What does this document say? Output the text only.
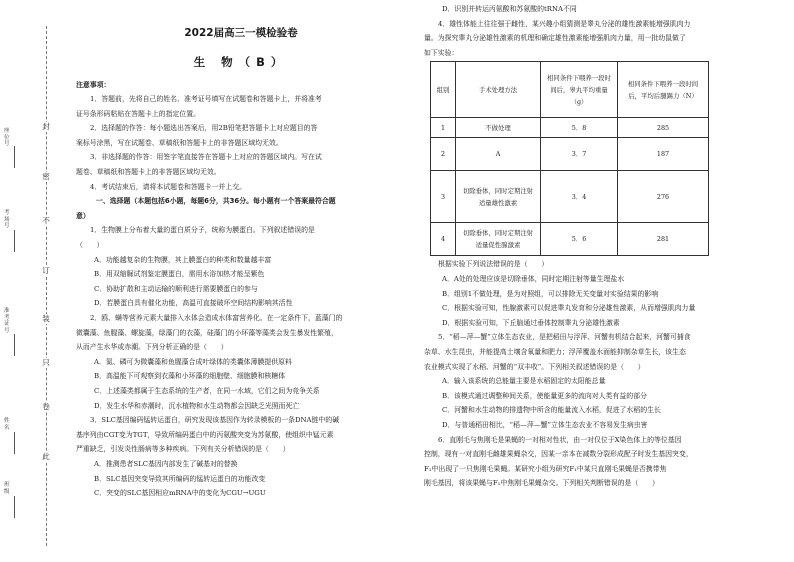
封
密
不
订
装
只
卷
此
座位号
考场号
准考证号
姓名
班级

2022届高三一模检验卷

生 物（B）

注意事项：

1．答题前，先将自己的姓名、准考证号填写在试题卷和答题卡上，并将准考

证号条形码粘贴在答题卡上的指定位置。

2．选择题的作答：每小题选出答案后，用2B铅笔把答题卡上对应题目的答

案标号涂黑，写在试题卷、草稿纸和答题卡上的非答题区域均无效。

3．非选择题的作答：用签字笔直接答在答题卡上对应的答题区域内。写在试

题卷、草稿纸和答题卡上的非答题区域均无效。

4．考试结束后，请将本试题卷和答题卡一并上交。

一、选择题（本题包括6小题，每题6分，共36分。每小题有一个答案最符合题

意）

1．生物膜上分布着大量的蛋白质分子，统称为膜蛋白。下列叙述错误的是

（　　）

A．功能越复杂的生物膜，其上膜蛋白的种类和数量越丰富

B．用双缩脲试剂鉴定膜蛋白，需用水浴加热才能呈紫色

C．协助扩散和主动运输的顺利进行需要膜蛋白的参与

D．若膜蛋白具有催化功能，高温可直接破坏空间结构影响其活性

2．鸥、螨等营养元素大量排入水体会造成水体富营养化。在一定条件下，蓝藻门的

微囊藻、鱼腥藻、螺旋藻，绿藻门的衣藻，硅藻门的小环藻等藻类会发生暴发性繁殖，

从而产生水华或赤潮。下列分析正确的是（　　）

A．氮、磷可为微囊藻和鱼腥藻合成叶绿体的类囊体薄膜提供原料

B．高温能下可观察到衣藻和小环藻的细胞壁、细胞膜和核糖体

C．上述藻类都属于生态系统的生产者，在同一水域，它们之间为竞争关系

D．发生水华和赤潮时，沉水植物和水生动物都会因缺乏光照而死亡

3．SLC基因编码锰转运蛋白，研究发现该基因作为转录模板的一条DNA链中的碱

基序列由CGT变为TGT，导致所编码蛋白中的丙氨酸突变为苏氨酸，使组织中锰元素

严重缺乏，引发炎性肠病等多种疾病。下列有关分析错误的是（　　）

A．推测患者SLC基因内部发生了碱基对的替换

B．SLC基因突变导致其所编码的锰转运蛋白的功能改变

C．突变的SLC基因相应mRNA中的变化为CGU→UGU

D．识别并转运丙氨酸和苏氨酸的tRNA不同

4．雄性体能上往往强于雌性，某兴趣小组猜测是睾丸分泌的雄性激素能增强肌肉力

量。为探究睾丸分泌雄性激素的机理和确定雄性激素能增强肌肉力量，用一批幼鼠做了

如下实验：

组别	手术处理方法	相同条件下喂养一段时间后，睾丸平均重量（g）	相同条件下喂养一段时间后，平均后腿踢力（N）
1	不做处理	5．8	285
2	A	3．7	187
3	切除垂体，同时定期注射适量雄性激素	3．4	276
4	切除垂体，同时定期注射适量促性腺激素	5．6	281

根据实验下列说法错误的是（　　）

A．A处的处理应该是切除垂体，同时定期注射等量生理盐水

B．组别1不做处理，是为对照组，可以排除无关变量对实验结果的影响

C．根据实验可知，性腺激素可以促进睾丸发育和分泌雄性激素，从而增强肌肉力量

D．根据实验可知，下丘脑通过垂体控制睾丸分泌雄性激素

5．“稻—萍—蟹”立体生态农业，是把稻田与浮萍、河蟹有机结合起来，河蟹可捕食

杂草、水生昆虫，并能提高土壤含氧量和肥力；浮萍覆盖水面能抑制杂草生长，该生态

农业模式实现了水稻、河蟹的“双丰收”。下列相关叙述错误的是（　　）

A．输入该系统的总能量主要是水稻固定的太阳能总量

B．该模式通过调整种间关系，使能量更多的流向对人类有益的部分

C．河蟹和水生动物的排遗物中所含的能量流入水稻，促进了水稻的生长

D．与普通稻田相比，“稻—萍—蟹”立体生态农业不容易发生病虫害

6．直刚毛与焦刚毛是果蝇的一对相对性状，由一对仅位于X染色体上的等位基因

控制，现有一对直刚毛雌雄果蝇杂交，因某一亲本在减数分裂形成配子时发生基因突变，

F₁中出现了一只焦刚毛果蝇。某研究小组为研究F₁中某只直刚毛果蝇是否携带焦

刚毛基因，将该果蝇与F₁中焦刚毛果蝇杂交。下列相关判断错误的是（　　）
